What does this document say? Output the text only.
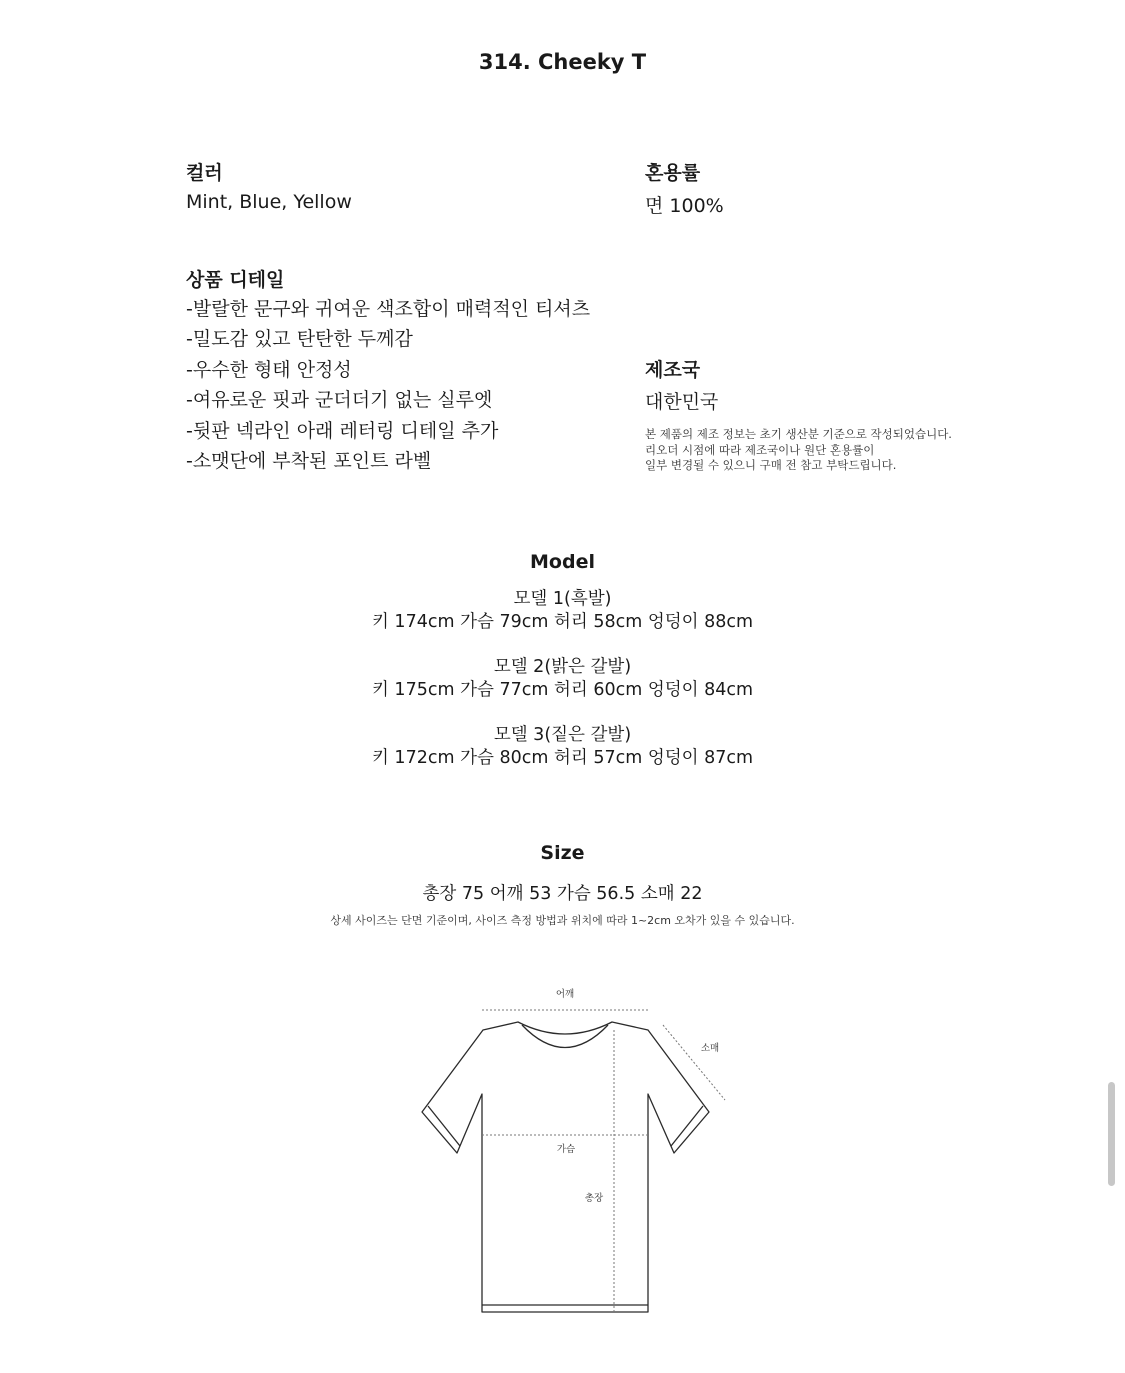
314. Cheeky T
컬러
Mint, Blue, Yellow
혼용률
면 100%
상품 디테일
-발랄한 문구와 귀여운 색조합이 매력적인 티셔츠
-밀도감 있고 탄탄한 두께감
-우수한 형태 안정성
-여유로운 핏과 군더더기 없는 실루엣
-뒷판 넥라인 아래 레터링 디테일 추가
-소맷단에 부착된 포인트 라벨
제조국
대한민국
본 제품의 제조 정보는 초기 생산분 기준으로 작성되었습니다.
리오더 시점에 따라 제조국이나 원단 혼용률이
일부 변경될 수 있으니 구매 전 참고 부탁드립니다.
Model
모델 1(흑발)
키 174cm 가슴 79cm 허리 58cm 엉덩이 88cm
모델 2(밝은 갈발)
키 175cm 가슴 77cm 허리 60cm 엉덩이 84cm
모델 3(짙은 갈발)
키 172cm 가슴 80cm 허리 57cm 엉덩이 87cm
Size
총장 75 어깨 53 가슴 56.5 소매 22
상세 사이즈는 단면 기준이며, 사이즈 측정 방법과 위치에 따라 1~2cm 오차가 있을 수 있습니다.
어깨
소매
가슴
총장
